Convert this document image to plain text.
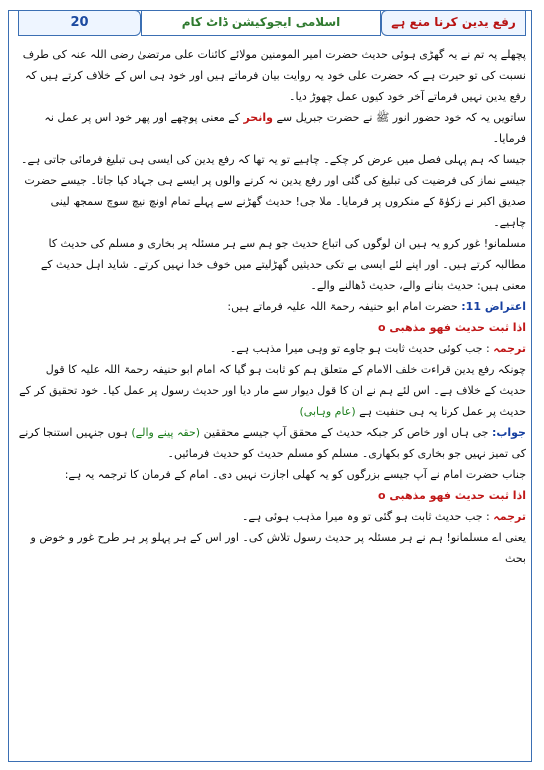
رفع یدین کرنا منع ہے
اسلامی ایجوکیشن ڈاٹ کام
20

پچھلے پہ تم نے یہ گھڑی ہوئی حدیث حضرت امیر المومنین مولائے کائنات علی مرتضیٰ رضی اللہ عنہ کی طرف نسبت کی تو حیرت ہے کہ حضرت علی خود یہ روایت بیان فرماتے ہیں اور خود ہی اس کے خلاف کرتے ہیں کہ رفع یدین نہیں فرماتے آخر خود کیوں عمل چھوڑ دیا۔

ساتویں یہ کہ خود حضور انور ﷺ نے حضرت جبریل سے وانحر کے معنی پوچھے اور پھر خود اس پر عمل نہ فرمایا۔

جیسا کہ ہم پہلی فصل میں عرض کر چکے۔ چاہیے تو یہ تھا کہ رفع یدین کی ایسی ہی تبلیغ فرمائی جاتی ہے۔ جیسے نماز کی فرضیت کی تبلیغ کی گئی اور رفع یدین نہ کرنے والوں پر ایسے ہی جہاد کیا جاتا۔ جیسے حضرت صدیق اکبر نے زکوٰۃ کے منکروں پر فرمایا۔ ملا جی! حدیث گھڑنے سے پہلے تمام اونچ نیچ سوچ سمجھ لینی چاہیے۔

مسلمانو! غور کرو یہ ہیں ان لوگوں کی اتباع حدیث جو ہم سے ہر مسئلہ پر بخاری و مسلم کی حدیث کا مطالبہ کرتے ہیں۔ اور اپنے لئے ایسی بے تکی حدیثیں گھڑلیتے میں خوف خدا نہیں کرتے۔ شاید اہل حدیث کے معنی ہیں: حدیث بنانے والے، حدیث ڈھالنے والے۔

اعتراض 11: حضرت امام ابو حنیفہ رحمۃ اللہ علیہ فرماتے ہیں:

اذا ثبت حدیث فھو مذھبی o

ترجمہ : جب کوئی حدیث ثابت ہو جاوے تو وہی میرا مذہب ہے۔

چونکہ رفع یدین قراءت خلف الامام کے متعلق ہم کو ثابت ہو گیا کہ امام ابو حنیفہ رحمۃ اللہ علیہ کا قول حدیث کے خلاف ہے۔ اس لئے ہم نے ان کا قول دیوار سے مار دیا اور حدیث رسول پر عمل کیا۔ خود تحقیق کر کے حدیث پر عمل کرنا یہ ہی حنفیت ہے (عام وہابی)

جواب: جی ہاں اور خاص کر جبکہ حدیث کے محقق آپ جیسے محققین (حقہ پینے والے) ہوں جنہیں استنجا کرنے کی تمیز نہیں جو بخاری کو بکھاری۔ مسلم کو مسلم حدیث کو حدیث فرمائیں۔

جناب حضرت امام نے آپ جیسے بزرگوں کو یہ کھلی اجازت نہیں دی۔ امام کے فرمان کا ترجمہ یہ ہے:

اذا ثبت حدیث فھو مذھبی o

ترجمہ : جب حدیث ثابت ہو گئی تو وہ میرا مذہب ہوئی ہے۔

یعنی اے مسلمانو! ہم نے ہر مسئلہ پر حدیث رسول تلاش کی۔ اور اس کے ہر پہلو پر ہر طرح غور و خوض و بحث
